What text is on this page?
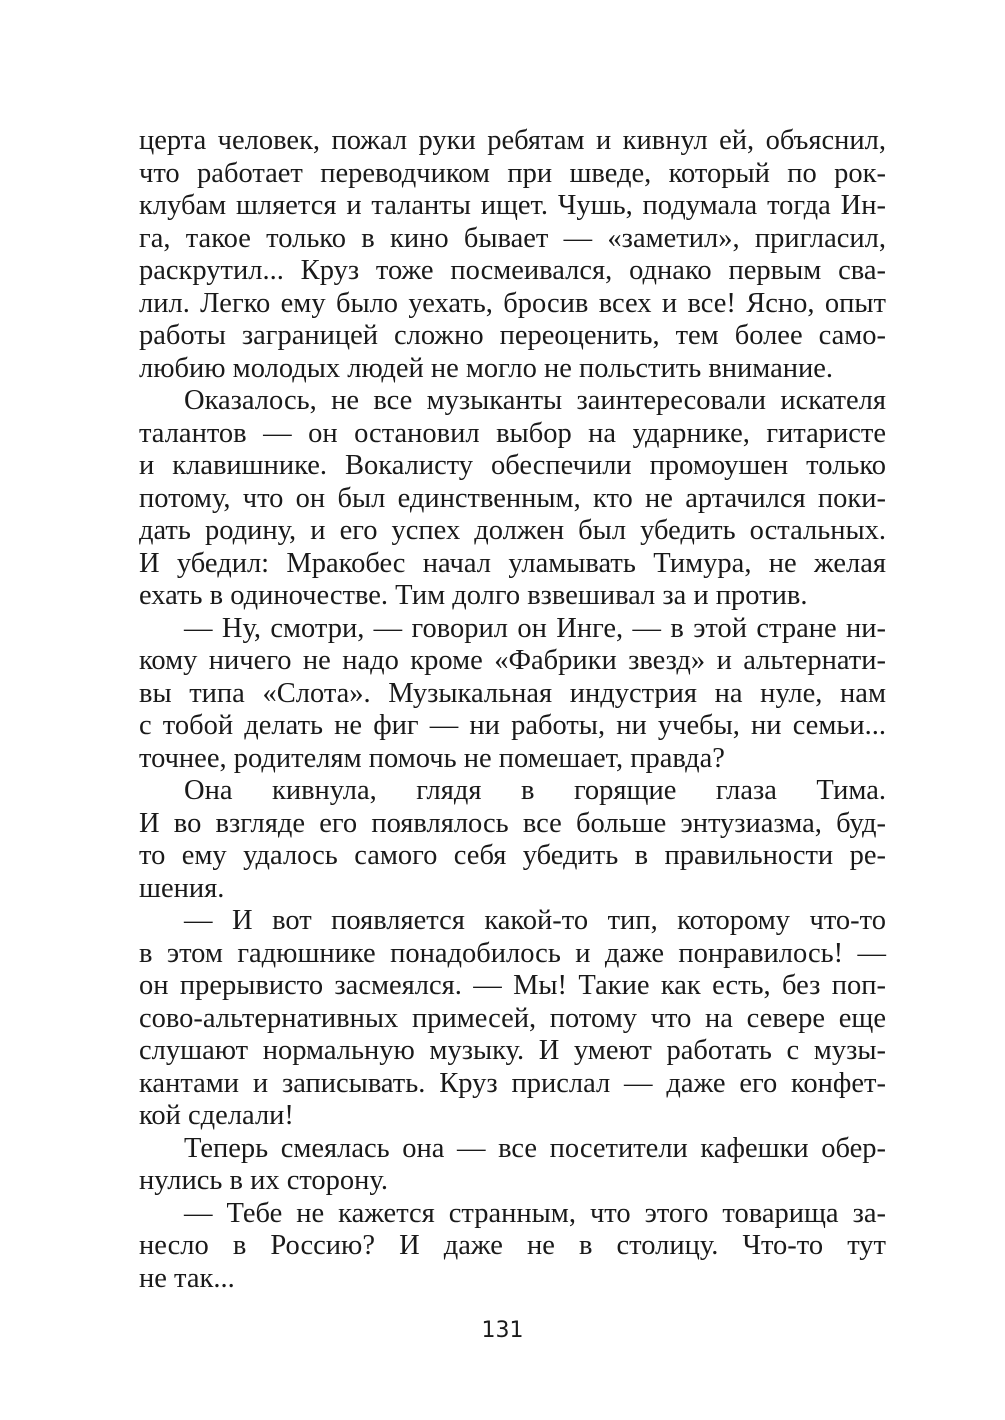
церта человек, пожал руки ребятам и кивнул ей, объяснил,
что работает переводчиком при шведе, который по рок-
клубам шляется и таланты ищет. Чушь, подумала тогда Ин-
га, такое только в кино бывает — «заметил», пригласил,
раскрутил... Круз тоже посмеивался, однако первым сва-
лил. Легко ему было уехать, бросив всех и все! Ясно, опыт
работы заграницей сложно переоценить, тем более само-
любию молодых людей не могло не польстить внимание.
Оказалось, не все музыканты заинтересовали искателя
талантов — он остановил выбор на ударнике, гитаристе
и клавишнике. Вокалисту обеспечили промоушен только
потому, что он был единственным, кто не артачился поки-
дать родину, и его успех должен был убедить остальных.
И убедил: Мракобес начал уламывать Тимура, не желая
ехать в одиночестве. Тим долго взвешивал за и против.
— Ну, смотри, — говорил он Инге, — в этой стране ни-
кому ничего не надо кроме «Фабрики звезд» и альтернати-
вы типа «Слота». Музыкальная индустрия на нуле, нам
с тобой делать не фиг — ни работы, ни учебы, ни семьи...
точнее, родителям помочь не помешает, правда?
Она кивнула, глядя в горящие глаза Тима.
И во взгляде его появлялось все больше энтузиазма, буд-
то ему удалось самого себя убедить в правильности ре-
шения.
— И вот появляется какой-то тип, которому что-то
в этом гадюшнике понадобилось и даже понравилось! —
он прерывисто засмеялся. — Мы! Такие как есть, без поп-
сово-альтернативных примесей, потому что на севере еще
слушают нормальную музыку. И умеют работать с музы-
кантами и записывать. Круз прислал — даже его конфет-
кой сделали!
Теперь смеялась она — все посетители кафешки обер-
нулись в их сторону.
— Тебе не кажется странным, что этого товарища за-
несло в Россию? И даже не в столицу. Что-то тут
не так...
131
